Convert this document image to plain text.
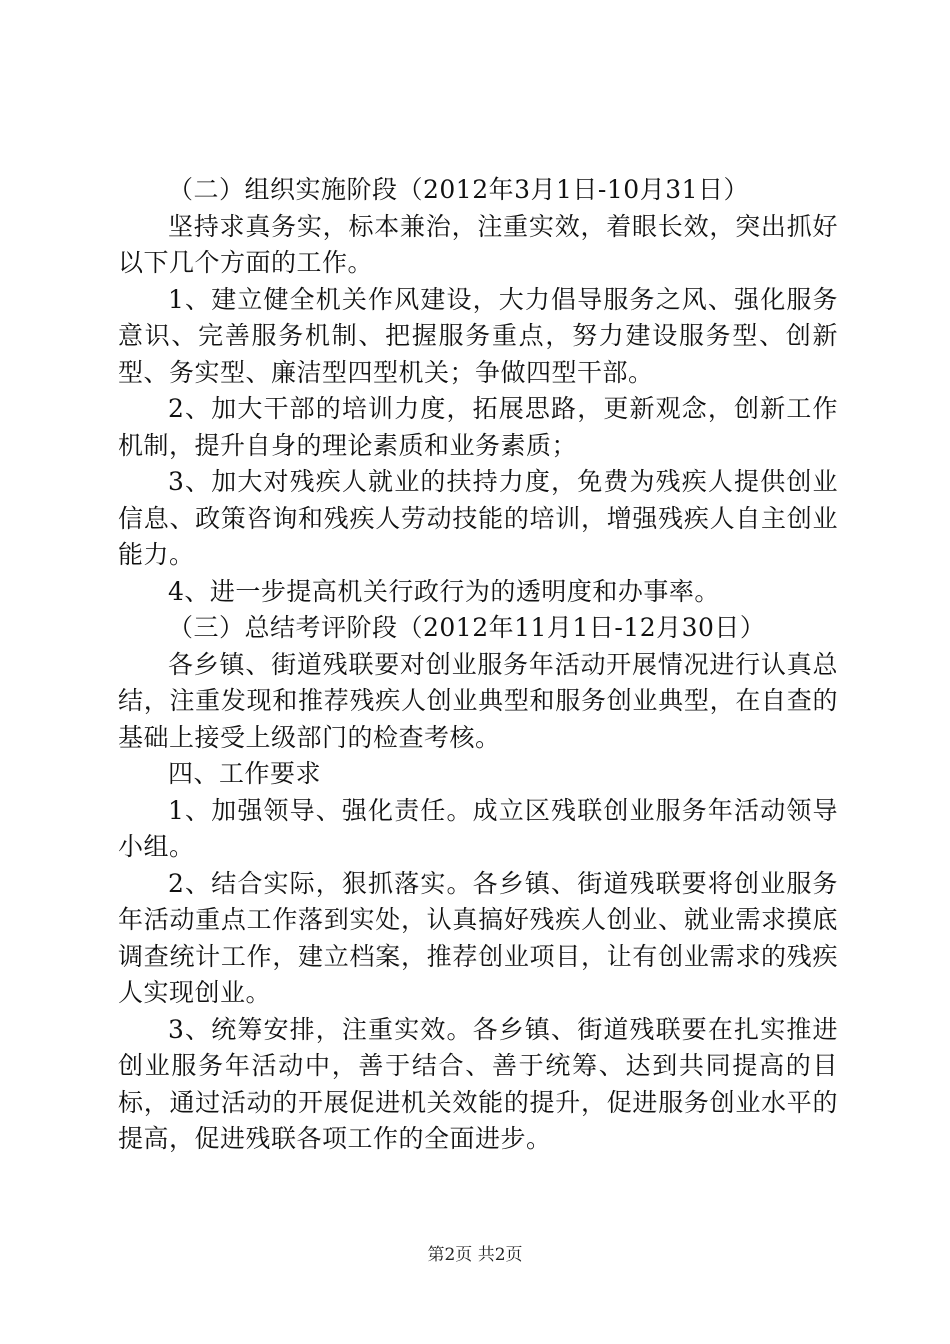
（二）组织实施阶段（2012年3月1日-10月31日）

坚持求真务实，标本兼治，注重实效，着眼长效，突出抓好以下几个方面的工作。

1、建立健全机关作风建设，大力倡导服务之风、强化服务意识、完善服务机制、把握服务重点，努力建设服务型、创新型、务实型、廉洁型四型机关；争做四型干部。

2、加大干部的培训力度，拓展思路，更新观念，创新工作机制，提升自身的理论素质和业务素质；

3、加大对残疾人就业的扶持力度，免费为残疾人提供创业信息、政策咨询和残疾人劳动技能的培训，增强残疾人自主创业能力。

4、进一步提高机关行政行为的透明度和办事率。

（三）总结考评阶段（2012年11月1日-12月30日）

各乡镇、街道残联要对创业服务年活动开展情况进行认真总结，注重发现和推荐残疾人创业典型和服务创业典型，在自查的基础上接受上级部门的检查考核。

四、工作要求

1、加强领导、强化责任。成立区残联创业服务年活动领导小组。

2、结合实际，狠抓落实。各乡镇、街道残联要将创业服务年活动重点工作落到实处，认真搞好残疾人创业、就业需求摸底调查统计工作，建立档案，推荐创业项目，让有创业需求的残疾人实现创业。

3、统筹安排，注重实效。各乡镇、街道残联要在扎实推进创业服务年活动中，善于结合、善于统筹、达到共同提高的目标，通过活动的开展促进机关效能的提升，促进服务创业水平的提高，促进残联各项工作的全面进步。

第2页 共2页
